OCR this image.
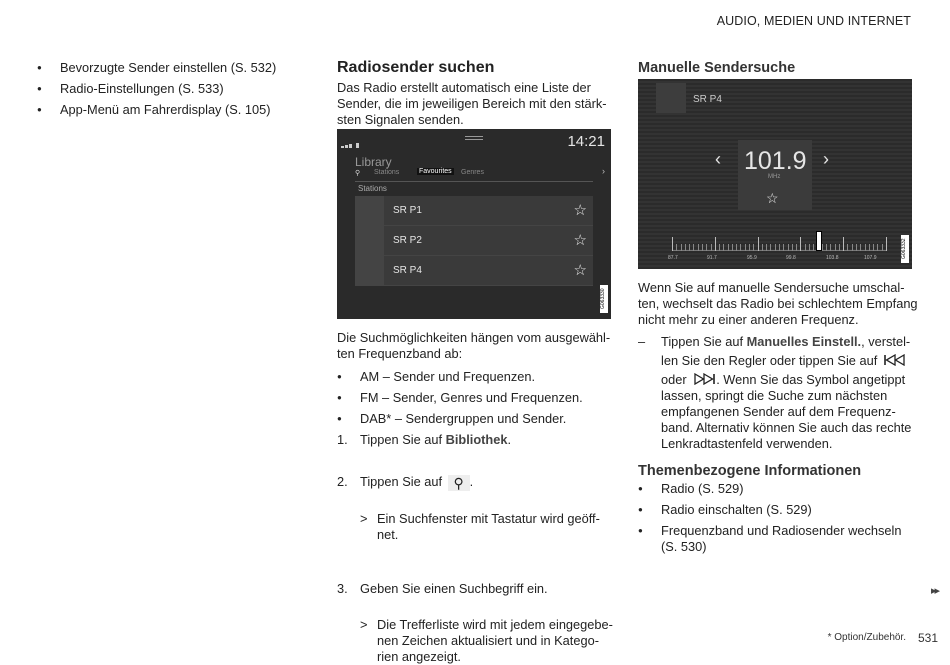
AUDIO, MEDIEN UND INTERNET
● Bevorzugte Sender einstellen (S. 532)
● Radio-Einstellungen (S. 533)
● App-Menü am Fahrerdisplay (S. 105)
Radiosender suchen

Das Radio erstellt automatisch eine Liste der

Sender, die im jeweiligen Bereich mit den stärk-

sten Signalen senden.

14:21
Library
⚲ Stations	Favourites Genres	›
Stations
SR P1	☆
SR P2	☆
SR P4	☆
G063330

Die Suchmöglichkeiten hängen vom ausgewähl-

ten Frequenzband ab:

● AM – Sender und Frequenzen.
● FM – Sender, Genres und Frequenzen.
● DAB* – Sendergruppen und Sender.
1. Tippen Sie auf Bibliothek.
2. Tippen Sie auf ⚲ .
> Ein Suchfenster mit Tastatur wird geöff-
net.
3. Geben Sie einen Suchbegriff ein.
> Die Trefferliste wird mit jedem eingegebe-
nen Zeichen aktualisiert und in Katego-
rien angezeigt.
Manuelle Sendersuche
SR P4
‹	›
101.9
MHz
☆
87.7	91.7	95.9	99.8	103.8	107.9	G063332

Wenn Sie auf manuelle Sendersuche umschal-

ten, wechselt das Radio bei schlechtem Empfang

nicht mehr zu einer anderen Frequenz.

– Tippen Sie auf Manuelles Einstell., verstel-
len Sie den Regler oder tippen Sie auf
oder . Wenn Sie das Symbol angetippt
lassen, springt die Suche zum nächsten
empfangenen Sender auf dem Frequenz-
band. Alternativ können Sie auch das rechte
Lenkradtastenfeld verwenden.
Themenbezogene Informationen
● Radio (S. 529)
● Radio einschalten (S. 529)
● Frequenzband und Radiosender wechseln (S. 530)
▸▸
* Option/Zubehör. 531
